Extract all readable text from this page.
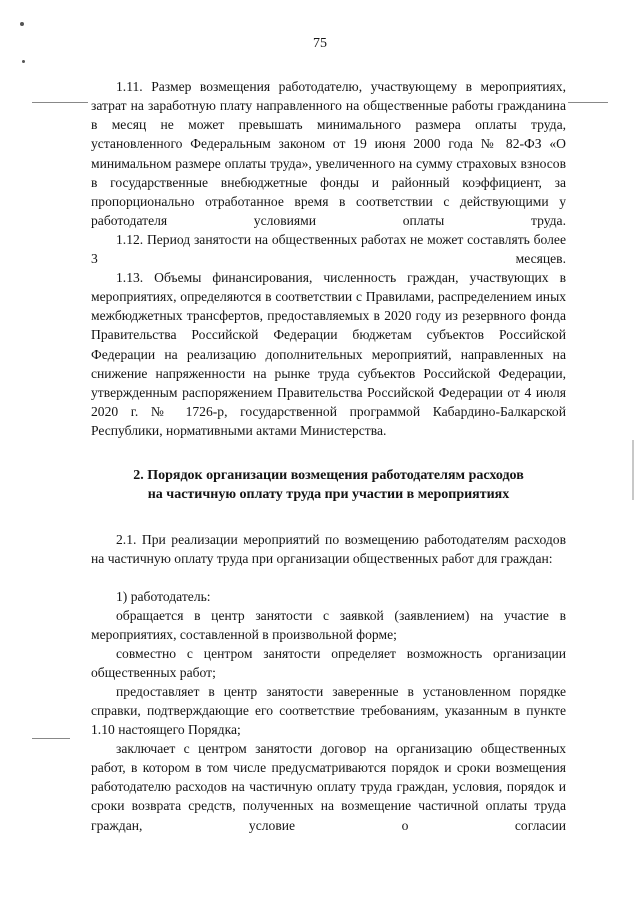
75
1.11. Размер возмещения работодателю, участвующему в мероприятиях, затрат на заработную плату направленного на общественные работы гражданина в месяц не может превышать минимального размера оплаты труда, установленного Федеральным законом от 19 июня 2000 года № 82-ФЗ «О минимальном размере оплаты труда», увеличенного на сумму страховых взносов в государственные внебюджетные фонды и районный коэффициент, за пропорционально отработанное время в соответствии с действующими у работодателя условиями оплаты труда.
1.12. Период занятости на общественных работах не может составлять более 3 месяцев.
1.13. Объемы финансирования, численность граждан, участвующих в мероприятиях, определяются в соответствии с Правилами, распределением иных межбюджетных трансфертов, предоставляемых в 2020 году из резервного фонда Правительства Российской Федерации бюджетам субъектов Российской Федерации на реализацию дополнительных мероприятий, направленных на снижение напряженности на рынке труда субъектов Российской Федерации, утвержденным распоряжением Правительства Российской Федерации от 4 июля 2020 г. № 1726-р, государственной программой Кабардино-Балкарской Республики, нормативными актами Министерства.
2. Порядок организации возмещения работодателям расходов
на частичную оплату труда при участии в мероприятиях
2.1. При реализации мероприятий по возмещению работодателям расходов на частичную оплату труда при организации общественных работ для граждан:
1) работодатель:
обращается в центр занятости с заявкой (заявлением) на участие в мероприятиях, составленной в произвольной форме;
совместно с центром занятости определяет возможность организации общественных работ;
предоставляет в центр занятости заверенные в установленном порядке справки, подтверждающие его соответствие требованиям, указанным в пункте 1.10 настоящего Порядка;
заключает с центром занятости договор на организацию общественных работ, в котором в том числе предусматриваются порядок и сроки возмещения работодателю расходов на частичную оплату труда граждан, условия, порядок и сроки возврата средств, полученных на возмещение частичной оплаты труда граждан, условие о согласии
